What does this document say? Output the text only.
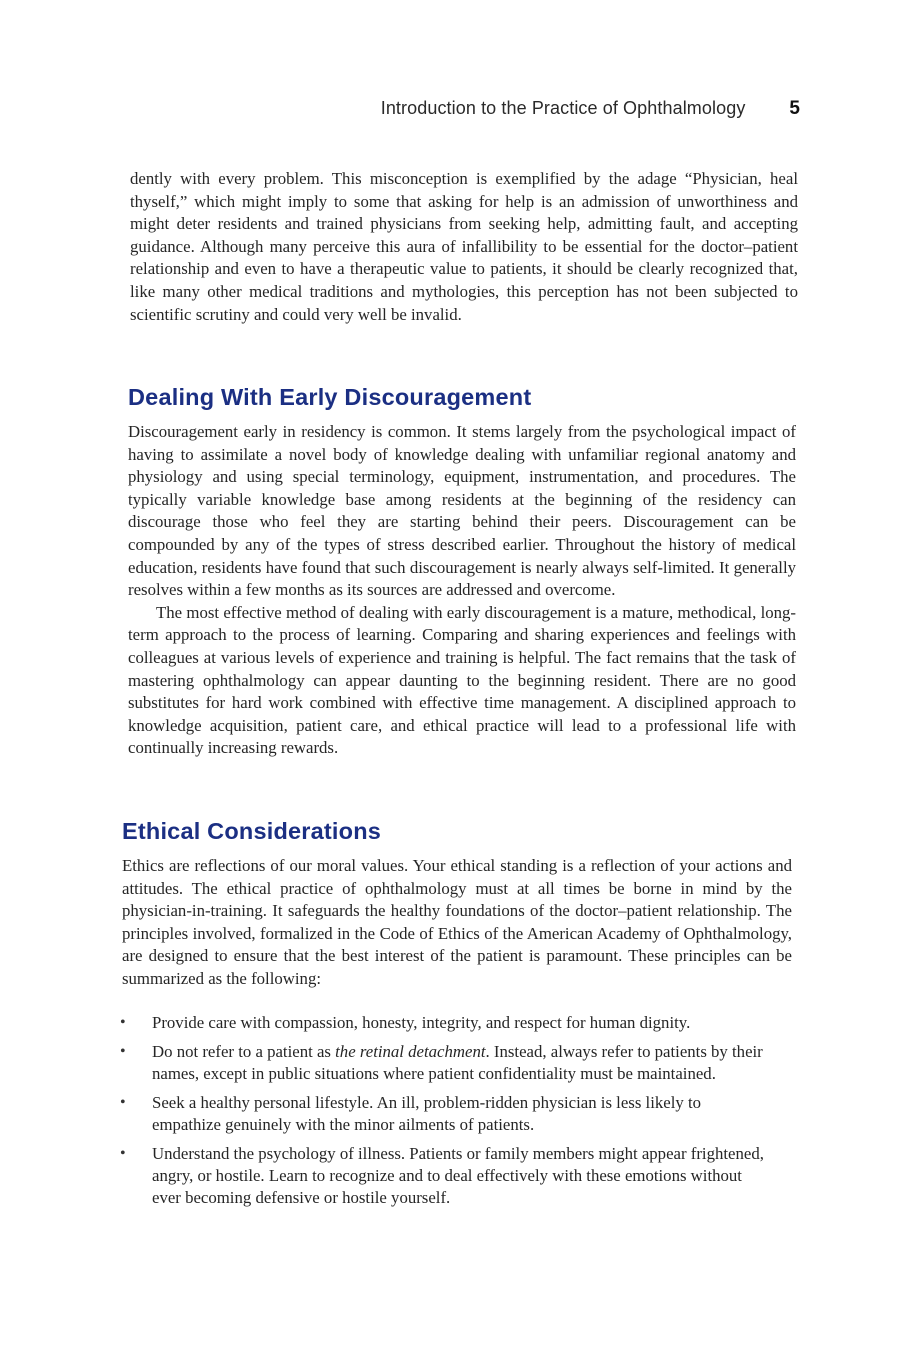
Introduction to the Practice of Ophthalmology 5

dently with every problem. This misconception is exemplified by the adage “Physician, heal thyself,” which might imply to some that asking for help is an admission of unworthiness and might deter residents and trained physicians from seeking help, admitting fault, and accepting guidance. Although many perceive this aura of infallibility to be essential for the doctor–patient relationship and even to have a therapeutic value to patients, it should be clearly recognized that, like many other medical traditions and mythologies, this perception has not been subjected to scientific scrutiny and could very well be invalid.

Dealing With Early Discouragement

Discouragement early in residency is common. It stems largely from the psychological impact of having to assimilate a novel body of knowledge dealing with unfamiliar regional anatomy and physiology and using special terminology, equipment, instrumentation, and procedures. The typically variable knowledge base among residents at the beginning of the residency can discourage those who feel they are starting behind their peers. Discouragement can be compounded by any of the types of stress described earlier. Throughout the history of medical education, residents have found that such discouragement is nearly always self-limited. It generally resolves within a few months as its sources are addressed and overcome.

The most effective method of dealing with early discouragement is a mature, methodical, long-term approach to the process of learning. Comparing and sharing experiences and feelings with colleagues at various levels of experience and training is helpful. The fact remains that the task of mastering ophthalmology can appear daunting to the beginning resident. There are no good substitutes for hard work combined with effective time management. A disciplined approach to knowledge acquisition, patient care, and ethical practice will lead to a professional life with continually increasing rewards.

Ethical Considerations

Ethics are reflections of our moral values. Your ethical standing is a reflection of your actions and attitudes. The ethical practice of ophthalmology must at all times be borne in mind by the physician-in-training. It safeguards the healthy foundations of the doctor–patient relationship. The principles involved, formalized in the Code of Ethics of the American Academy of Ophthalmology, are designed to ensure that the best interest of the patient is paramount. These principles can be summarized as the following:

• Provide care with compassion, honesty, integrity, and respect for human dignity.
• Do not refer to a patient as the retinal detachment. Instead, always refer to patients by their names, except in public situations where patient confidentiality must be maintained.
• Seek a healthy personal lifestyle. An ill, problem-ridden physician is less likely to empathize genuinely with the minor ailments of patients.
• Understand the psychology of illness. Patients or family members might appear frightened, angry, or hostile. Learn to recognize and to deal effectively with these emotions without ever becoming defensive or hostile yourself.
